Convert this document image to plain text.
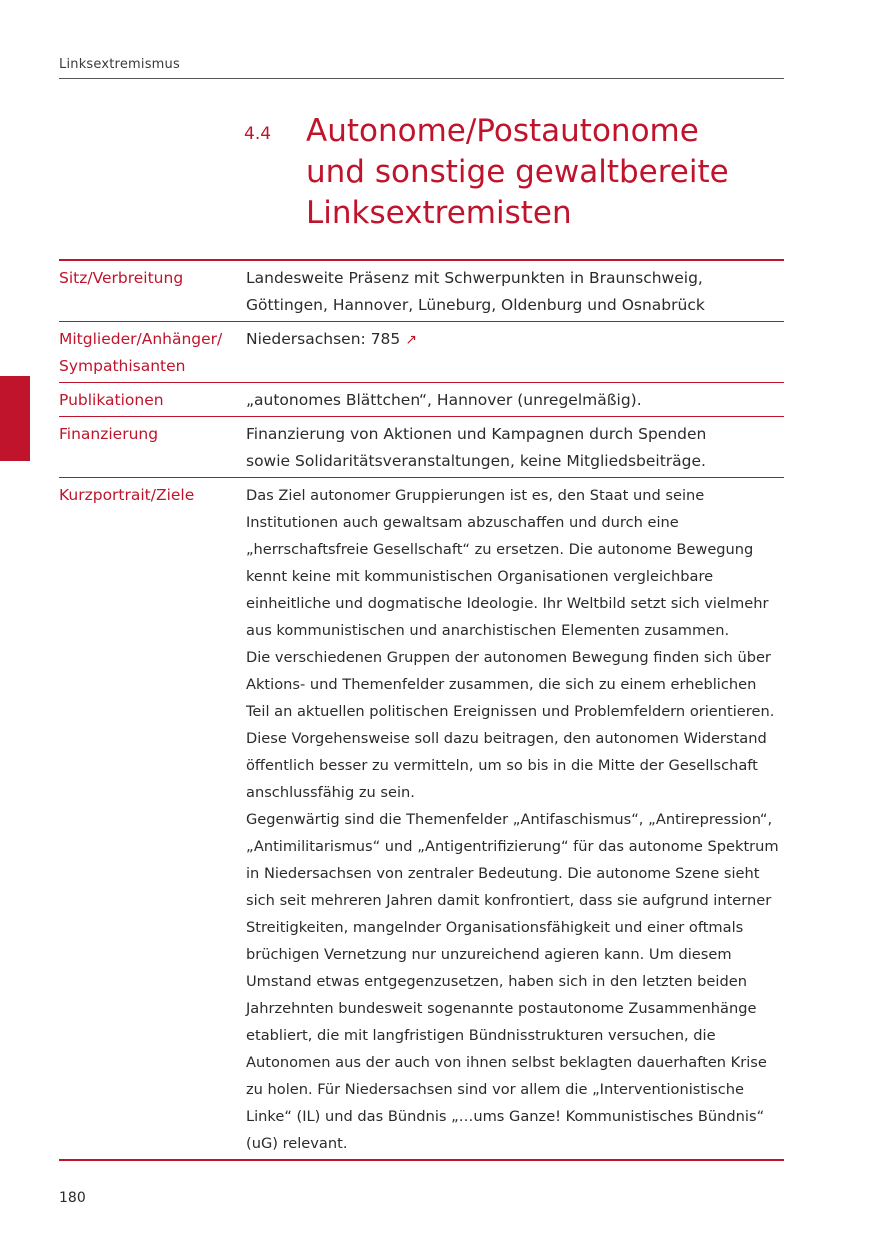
Linksextremismus
4.4 Autonome/Postautonome
und sonstige gewaltbereite
Linksextremisten
Sitz/Verbreitung	Landesweite Präsenz mit Schwerpunkten in Braunschweig,
Göttingen, Hannover, Lüneburg, Oldenburg und Osnabrück
Mitglieder/Anhänger/
Sympathisanten	Niedersachsen: 785 ↗
Publikationen	„autonomes Blättchen“, Hannover (unregelmäßig).
Finanzierung	Finanzierung von Aktionen und Kampagnen durch Spenden
sowie Solidaritätsveranstaltungen, keine Mitgliedsbeiträge.
Kurzportrait/Ziele	Das Ziel autonomer Gruppierungen ist es, den Staat und seine Institutionen auch gewaltsam abzuschaffen und durch eine „herrschaftsfreie Gesellschaft“ zu ersetzen. Die autonome Bewegung kennt keine mit kommunistischen Organisationen vergleichbare einheitliche und dogmatische Ideologie. Ihr Weltbild setzt sich vielmehr aus kommunistischen und anarchistischen Elementen zusammen.
Die verschiedenen Gruppen der autonomen Bewegung finden sich über Aktions- und Themenfelder zusammen, die sich zu einem erheblichen Teil an aktuellen politischen Ereignissen und Problemfeldern orientieren. Diese Vorgehensweise soll dazu beitragen, den autonomen Widerstand öffentlich besser zu vermitteln, um so bis in die Mitte der Gesellschaft anschlussfähig zu sein.
Gegenwärtig sind die Themenfelder „Antifaschismus“, „Antirepression“, „Antimilitarismus“ und „Antigentrifizierung“ für das autonome Spektrum in Niedersachsen von zentraler Bedeutung. Die autonome Szene sieht sich seit mehreren Jahren damit konfrontiert, dass sie aufgrund interner Streitigkeiten, mangelnder Organisationsfähigkeit und einer oftmals brüchigen Vernetzung nur unzureichend agieren kann. Um diesem Umstand etwas entgegenzusetzen, haben sich in den letzten beiden Jahrzehnten bundesweit sogenannte postautonome Zusammenhänge etabliert, die mit langfristigen Bündnisstrukturen versuchen, die Autonomen aus der auch von ihnen selbst beklagten dauerhaften Krise zu holen. Für Niedersachsen sind vor allem die „Interventionistische Linke“ (IL) und das Bündnis „…ums Ganze! Kommunistisches Bündnis“ (uG) relevant.
180
